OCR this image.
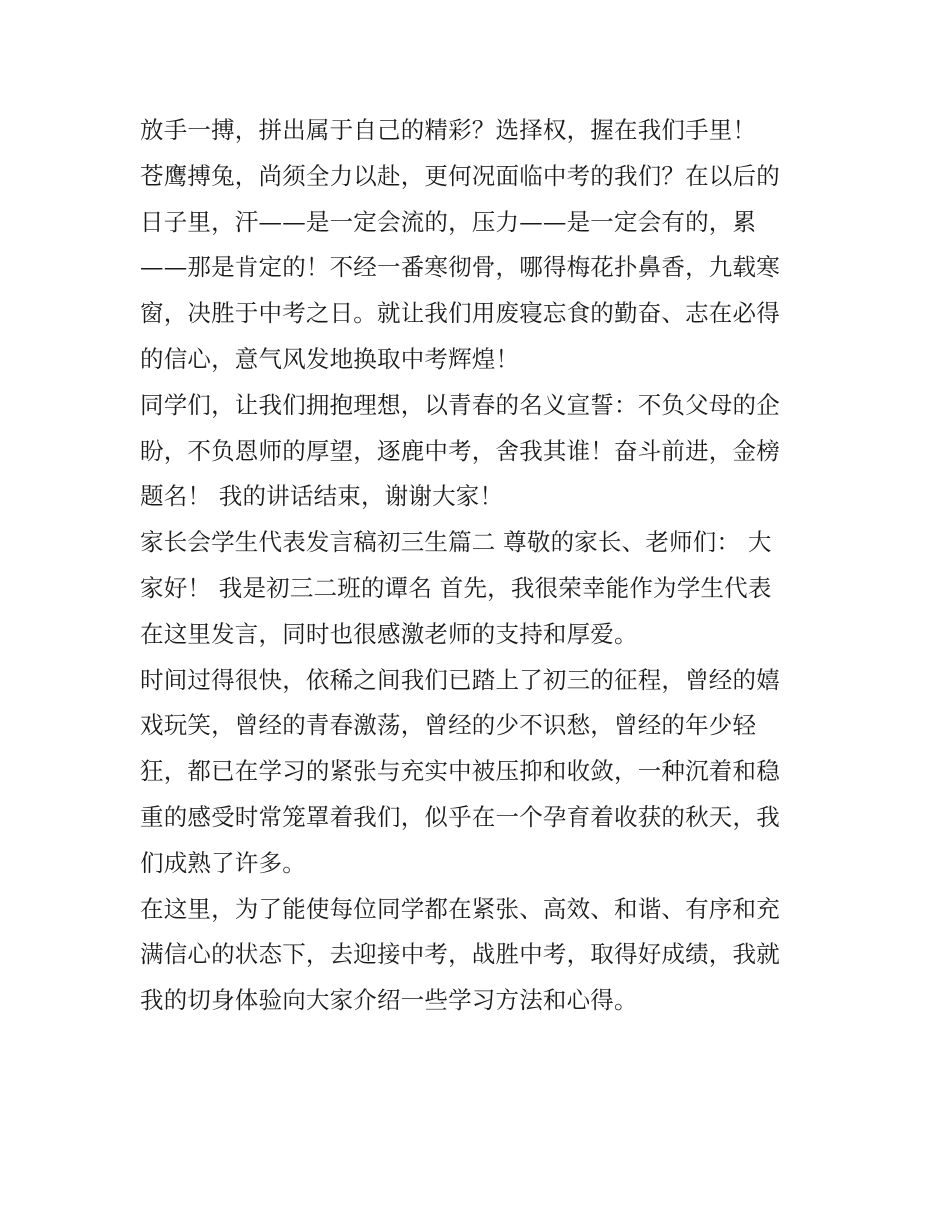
放手一搏，拼出属于自己的精彩？选择权，握在我们手里！
苍鹰搏兔，尚须全力以赴，更何况面临中考的我们？在以后的
日子里，汗——是一定会流的，压力——是一定会有的，累
——那是肯定的！不经一番寒彻骨，哪得梅花扑鼻香，九载寒
窗，决胜于中考之日。就让我们用废寝忘食的勤奋、志在必得
的信心，意气风发地换取中考辉煌！
同学们，让我们拥抱理想，以青春的名义宣誓：不负父母的企
盼，不负恩师的厚望，逐鹿中考，舍我其谁！奋斗前进，金榜
题名！ 我的讲话结束，谢谢大家！
家长会学生代表发言稿初三生篇二 尊敬的家长、老师们： 大
家好！ 我是初三二班的谭名 首先，我很荣幸能作为学生代表
在这里发言，同时也很感激老师的支持和厚爱。
时间过得很快，依稀之间我们已踏上了初三的征程，曾经的嬉
戏玩笑，曾经的青春激荡，曾经的少不识愁，曾经的年少轻
狂，都已在学习的紧张与充实中被压抑和收敛，一种沉着和稳
重的感受时常笼罩着我们，似乎在一个孕育着收获的秋天，我
们成熟了许多。
在这里，为了能使每位同学都在紧张、高效、和谐、有序和充
满信心的状态下，去迎接中考，战胜中考，取得好成绩，我就
我的切身体验向大家介绍一些学习方法和心得。
